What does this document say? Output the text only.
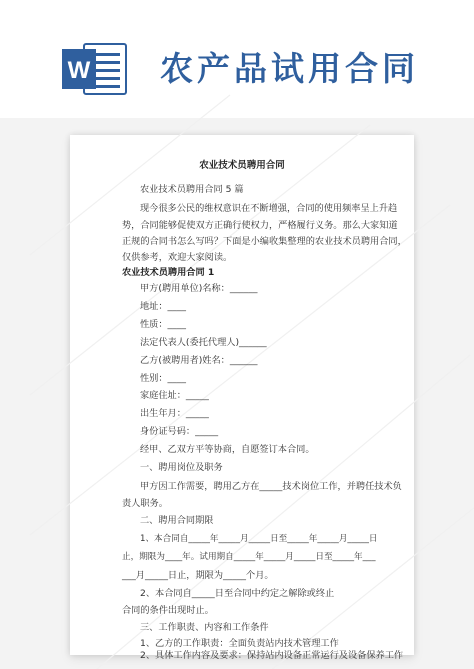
W 农产品试用合同
农业技术员聘用合同
农业技术员聘用合同 5 篇
现今很多公民的维权意识在不断增强，合同的使用频率呈上升趋
势，合同能够促使双方正确行使权力，严格履行义务。那么大家知道
正规的合同书怎么写吗？下面是小编收集整理的农业技术员聘用合同，
仅供参考，欢迎大家阅读。
农业技术员聘用合同 1
甲方(聘用单位)名称：______
地址：____
性质：____
法定代表人(委托代理人)______
乙方(被聘用者)姓名：______
性别：____
家庭住址：_____
出生年月：_____
身份证号码：_____
经甲、乙双方平等协商，自愿签订本合同。
一、聘用岗位及职务
甲方因工作需要，聘用乙方在_____技术岗位工作，并聘任技术负
责人职务。
二、聘用合同期限
1、本合同自_____年_____月_____日至_____年_____月_____日
止，期限为____年。试用期自_____年_____月_____日至_____年___
___月_____日止，期限为_____个月。
2、本合同自_____日至合同中约定之解除或终止
合同的条件出现时止。
三、工作职责、内容和工作条件
1、乙方的工作职责：全面负责站内技术管理工作
2、具体工作内容及要求：保持站内设备正常运行及设备保养工作
